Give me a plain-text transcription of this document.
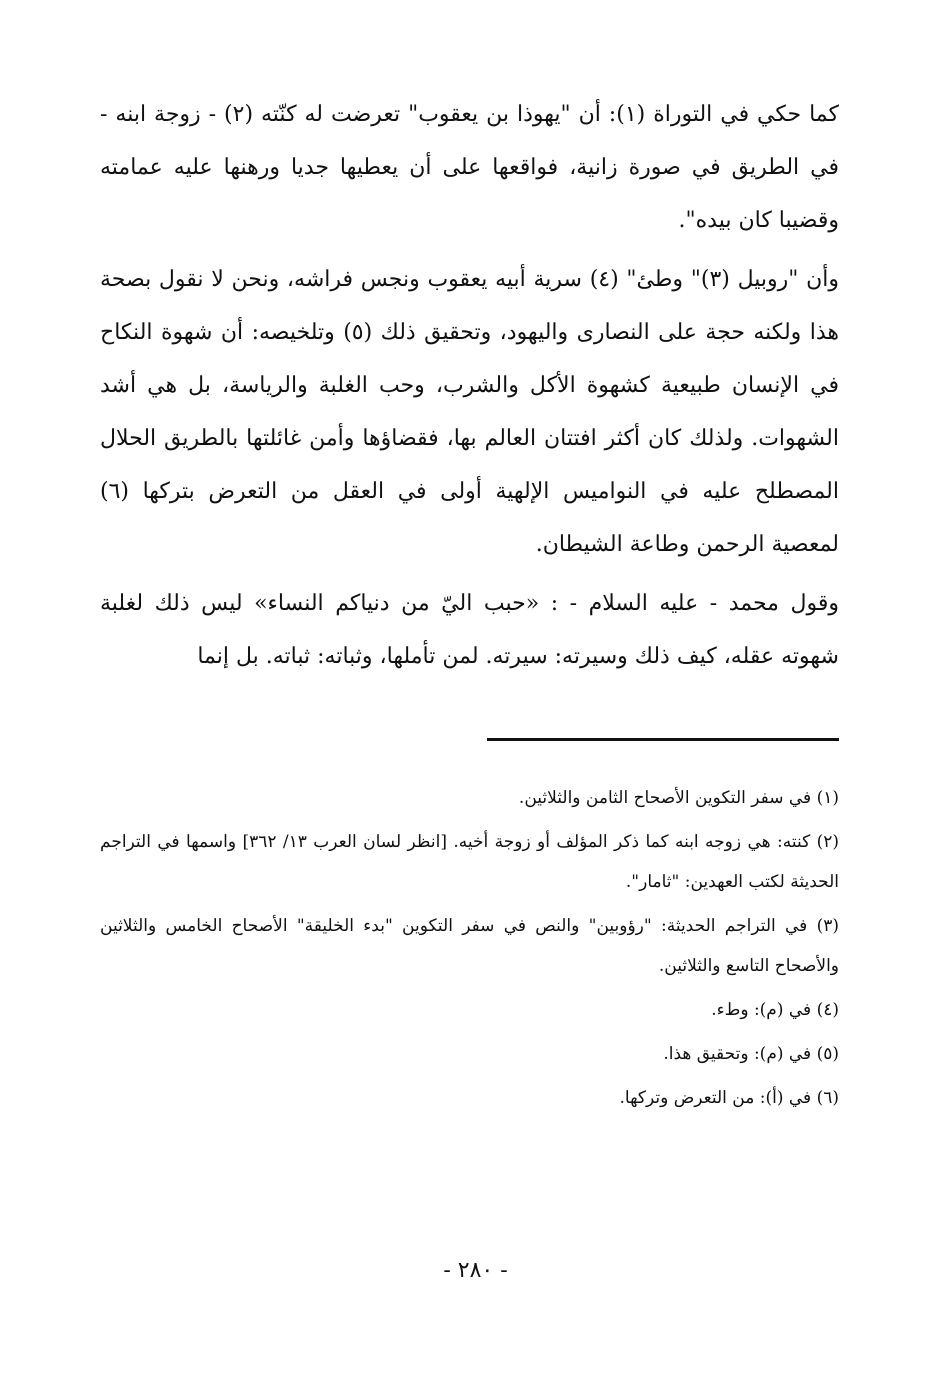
كما حكي في التوراة (١): أن "يهوذا بن يعقوب" تعرضت له كنّته (٢) - زوجة ابنه - في الطريق في صورة زانية، فواقعها على أن يعطيها جديا ورهنها عليه عمامته وقضيبا كان بيده".

وأن "روبيل (٣)" وطئ" (٤) سرية أبيه يعقوب ونجس فراشه، ونحن لا نقول بصحة هذا ولكنه حجة على النصارى واليهود، وتحقيق ذلك (٥) وتلخيصه: أن شهوة النكاح في الإنسان طبيعية كشهوة الأكل والشرب، وحب الغلبة والرياسة، بل هي أشد الشهوات. ولذلك كان أكثر افتتان العالم بها، فقضاؤها وأمن غائلتها بالطريق الحلال المصطلح عليه في النواميس الإلهية أولى في العقل من التعرض بتركها (٦) لمعصية الرحمن وطاعة الشيطان.

وقول محمد - عليه السلام - : «حبب اليّ من دنياكم النساء» ليس ذلك لغلبة شهوته عقله، كيف ذلك وسيرته: سيرته. لمن تأملها، وثباته: ثباته. بل إنما

(١) في سفر التكوين الأصحاح الثامن والثلاثين.
(٢) كنته: هي زوجه ابنه كما ذكر المؤلف أو زوجة أخيه. [انظر لسان العرب ١٣/ ٣٦٢] واسمها في التراجم الحديثة لكتب العهدين: "ثامار".
(٣) في التراجم الحديثة: "رؤوبين" والنص في سفر التكوين "بدء الخليقة" الأصحاح الخامس والثلاثين والأصحاح التاسع والثلاثين.
(٤) في (م): وطء.
(٥) في (م): وتحقيق هذا.
(٦) في (أ): من التعرض وتركها.
- ٢٨٠ -
